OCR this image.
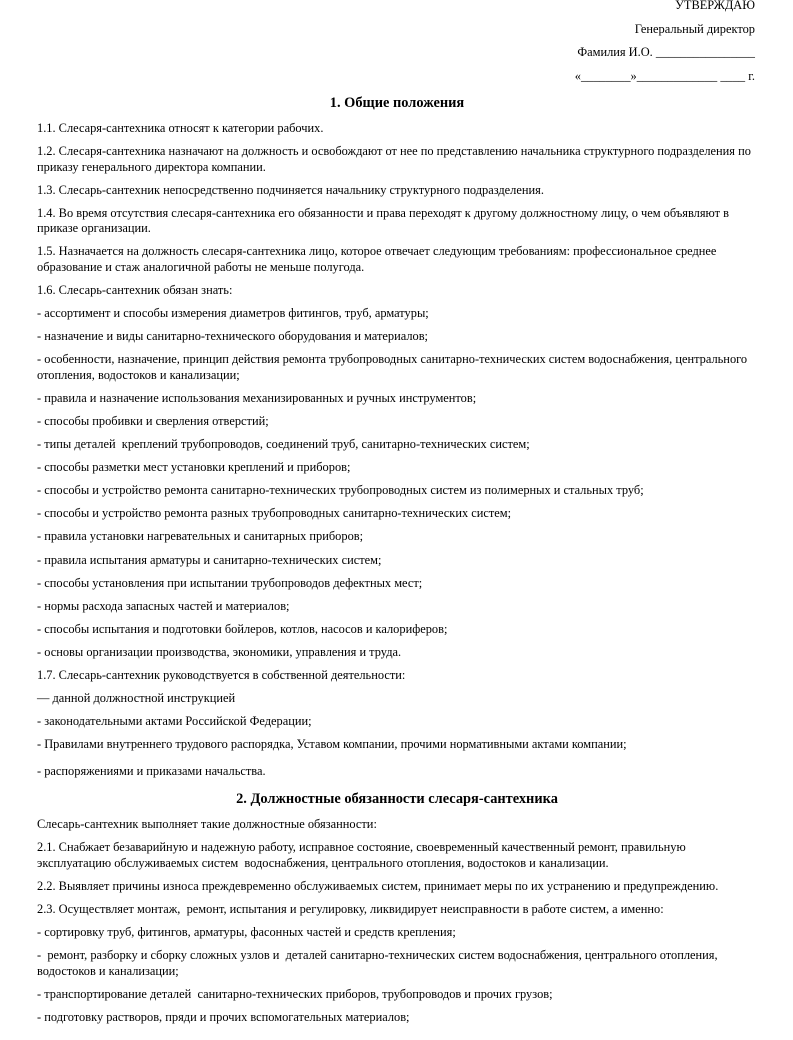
УТВЕРЖДАЮ
Генеральный директор
Фамилия И.О. ________________
«________»_____________ ____ г.
1. Общие положения

1.1. Слесаря-сантехника относят к категории рабочих.

1.2. Слесаря-сантехника назначают на должность и освобождают от нее по представлению начальника структурного подразделения по приказу генерального директора компании.

1.3. Слесарь-сантехник непосредственно подчиняется начальнику структурного подразделения.

1.4. Во время отсутствия слесаря-сантехника его обязанности и права переходят к другому должностному лицу, о чем объявляют в приказе организации.

1.5. Назначается на должность слесаря-сантехника лицо, которое отвечает следующим требованиям: профессиональное среднее образование и стаж аналогичной работы не меньше полугода.

1.6. Слесарь-сантехник обязан знать:

- ассортимент и способы измерения диаметров фитингов, труб, арматуры;

- назначение и виды санитарно-технического оборудования и материалов;

- особенности, назначение, принцип действия ремонта трубопроводных санитарно-технических систем водоснабжения, центрального отопления, водостоков и канализации;

- правила и назначение использования механизированных и ручных инструментов;

- способы пробивки и сверления отверстий;

- типы деталей  креплений трубопроводов, соединений труб, санитарно-технических систем;

- способы разметки мест установки креплений и приборов;

- способы и устройство ремонта санитарно-технических трубопроводных систем из полимерных и стальных труб;

- способы и устройство ремонта разных трубопроводных санитарно-технических систем;

- правила установки нагревательных и санитарных приборов;

- правила испытания арматуры и санитарно-технических систем;

- способы установления при испытании трубопроводов дефектных мест;

- нормы расхода запасных частей и материалов;

- способы испытания и подготовки бойлеров, котлов, насосов и калориферов;

- основы организации производства, экономики, управления и труда.

1.7. Слесарь-сантехник руководствуется в собственной деятельности:

— данной должностной инструкцией

- законодательными актами Российской Федерации;

- Правилами внутреннего трудового распорядка, Уставом компании, прочими нормативными актами компании;

- распоряжениями и приказами начальства.

2. Должностные обязанности слесаря-сантехника

Слесарь-сантехник выполняет такие должностные обязанности:

2.1. Снабжает безаварийную и надежную работу, исправное состояние, своевременный качественный ремонт, правильную эксплуатацию обслуживаемых систем  водоснабжения, центрального отопления, водостоков и канализации.

2.2. Выявляет причины износа преждевременно обслуживаемых систем, принимает меры по их устранению и предупреждению.

2.3. Осуществляет монтаж,  ремонт, испытания и регулировку, ликвидирует неисправности в работе систем, а именно:

- сортировку труб, фитингов, арматуры, фасонных частей и средств крепления;

-  ремонт, разборку и сборку сложных узлов и  деталей санитарно-технических систем водоснабжения, центрального отопления, водостоков и канализации;

- транспортирование деталей  санитарно-технических приборов, трубопроводов и прочих грузов;

- подготовку растворов, пряди и прочих вспомогательных материалов;
